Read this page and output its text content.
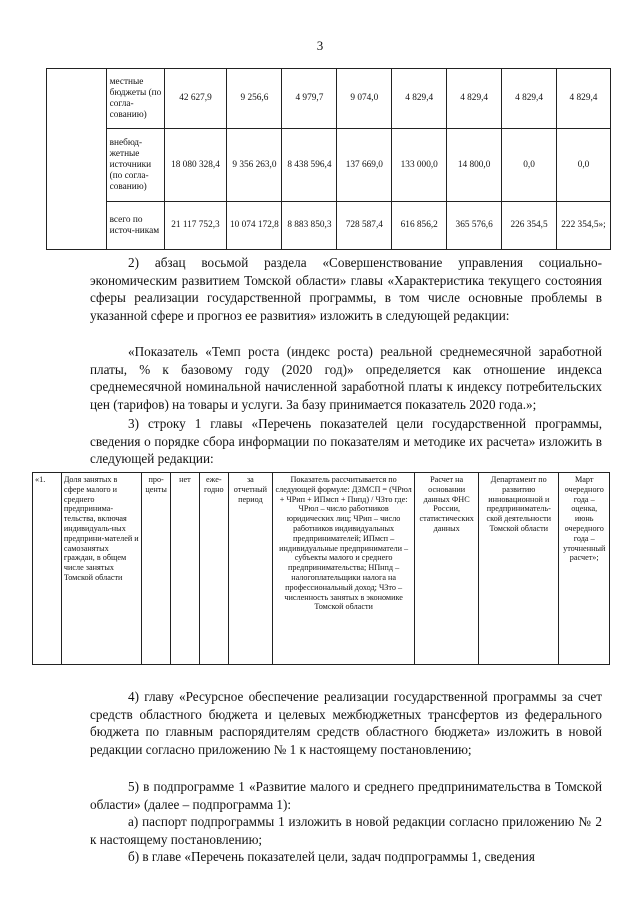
3
	местные бюджеты (по согла-сованию)	42 627,9	9 256,6	4 979,7	9 074,0	4 829,4	4 829,4	4 829,4	4 829,4
	внебюд-жетные источники (по согла-сованию)	18 080 328,4	9 356 263,0	8 438 596,4	137 669,0	133 000,0	14 800,0	0,0	0,0
	всего по источ-никам	21 117 752,3	10 074 172,8	8 883 850,3	728 587,4	616 856,2	365 576,6	226 354,5	222 354,5»;
2) абзац восьмой раздела «Совершенствование управления социально-экономическим развитием Томской области» главы «Характеристика текущего состояния сферы реализации государственной программы, в том числе основные проблемы в указанной сфере и прогноз ее развития» изложить в следующей редакции:
«Показатель «Темп роста (индекс роста) реальной среднемесячной заработной платы, % к базовому году (2020 год)» определяется как отношение индекса среднемесячной номинальной начисленной заработной платы к индексу потребительских цен (тарифов) на товары и услуги. За базу принимается показатель 2020 года.»;
3) строку 1 главы «Перечень показателей цели государственной программы, сведения о порядке сбора информации по показателям и методике их расчета» изложить в следующей редакции:
«1.	Доля занятых в сфере малого и среднего предпринима-тельства, включая индивидуаль-ных предприни-мателей и самозанятых граждан, в общем числе занятых Томской области	про-центы	нет	еже-годно	за отчетный период	Показатель рассчитывается по следующей формуле: ДЗМСП = (ЧРюл + ЧРип + ИПмсп + Пнпд) / ЧЗто где: ЧРюл – число работников юридических лиц; ЧРип – число работников индивидуальных предпринимателей; ИПмсп – индивидуальные предприниматели – субъекты малого и среднего предпринимательства; НПнпд – налогоплательщики налога на профессиональный доход; ЧЗто – численность занятых в экономике Томской области	Расчет на основании данных ФНС России, статистических данных	Департамент по развитию инновационной и предприниматель-ской деятельности Томской области	Март очередного года – оценка, июнь очередного года – уточненный расчет»;
4) главу «Ресурсное обеспечение реализации государственной программы за счет средств областного бюджета и целевых межбюджетных трансфертов из федерального бюджета по главным распорядителям средств областного бюджета» изложить в новой редакции согласно приложению № 1 к настоящему постановлению;
5) в подпрограмме 1 «Развитие малого и среднего предпринимательства в Томской области» (далее – подпрограмма 1):
а) паспорт подпрограммы 1 изложить в новой редакции согласно приложению № 2 к настоящему постановлению;
б) в главе «Перечень показателей цели, задач подпрограммы 1, сведения
